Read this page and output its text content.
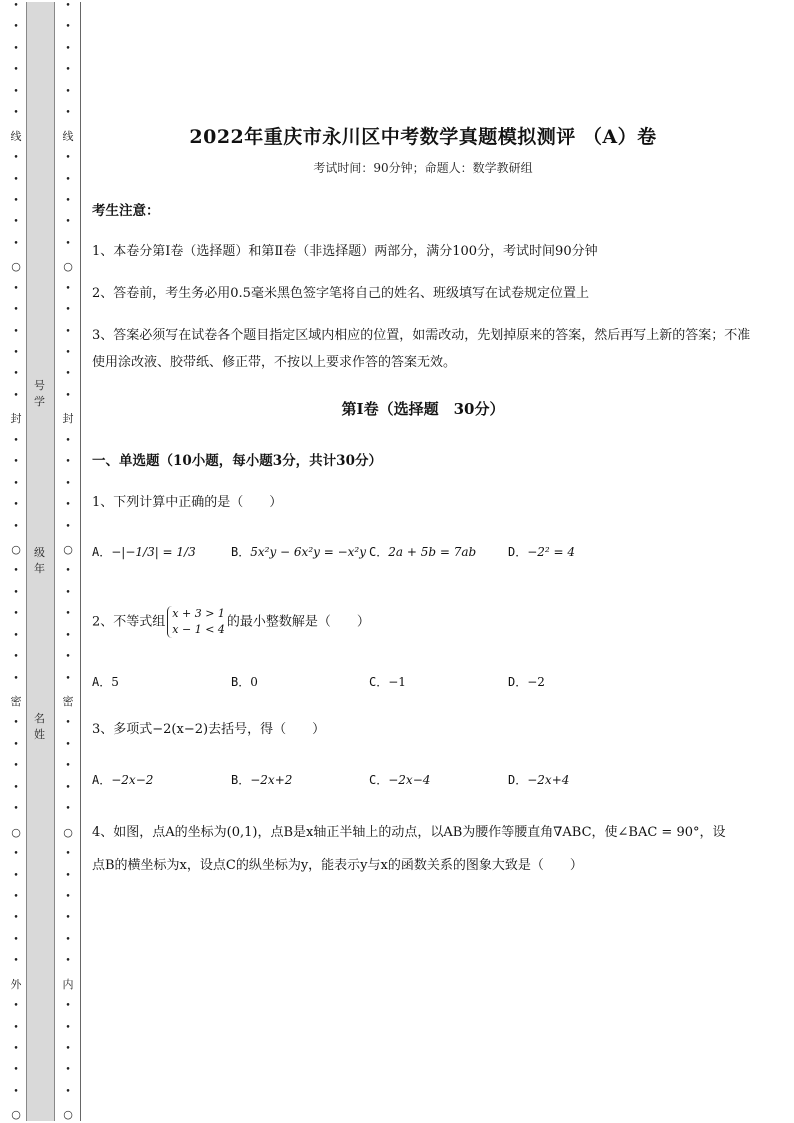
•
•
•
•
•
•
线
•
•
•
•
•
○
•
•
•
•
•
•
封
•
•
•
•
•
○
•
•
•
•
•
•
密
•
•
•
•
•
○
•
•
•
•
•
•
外
•
•
•
•
•
○
•
•
•
•
•
•
线
•
•
•
•
•
○
•
•
•
•
•
•
封
•
•
•
•
•
○
•
•
•
•
•
•
密
•
•
•
•
•
○
•
•
•
•
•
•
内
•
•
•
•
•
○
号
学
级
年
名
姓
2022年重庆市永川区中考数学真题模拟测评 （A）卷
考试时间：90分钟；命题人：数学教研组
考生注意：
1、本卷分第I卷（选择题）和第Ⅱ卷（非选择题）两部分，满分100分，考试时间90分钟
2、答卷前，考生务必用0.5毫米黑色签字笔将自己的姓名、班级填写在试卷规定位置上
3、答案必须写在试卷各个题目指定区域内相应的位置，如需改动，先划掉原来的答案，然后再写上新的答案；不准使用涂改液、胶带纸、修正带，不按以上要求作答的答案无效。
第I卷（选择题　30分）
一、单选题（10小题，每小题3分，共计30分）
1、下列计算中正确的是（　　）
A．−|−1/3| = 1/3	B．5x²y − 6x²y = −x²y C．2a + 5b = 7ab	D．−2² = 4
2、不等式组
x + 3 > 1
x − 1 < 4 的最小整数解是（　　）
A．5	B．0	C．−1	D．−2
3、多项式−2(x−2)去括号，得（　　）
A．−2x−2	B．−2x+2	C．−2x−4	D．−2x+4
4、如图，点A的坐标为(0,1)，点B是x轴正半轴上的动点，以AB为腰作等腰直角∇ABC，使∠BAC = 90°，设点B的横坐标为x，设点C的纵坐标为y，能表示y与x的函数关系的图象大致是（　　）
